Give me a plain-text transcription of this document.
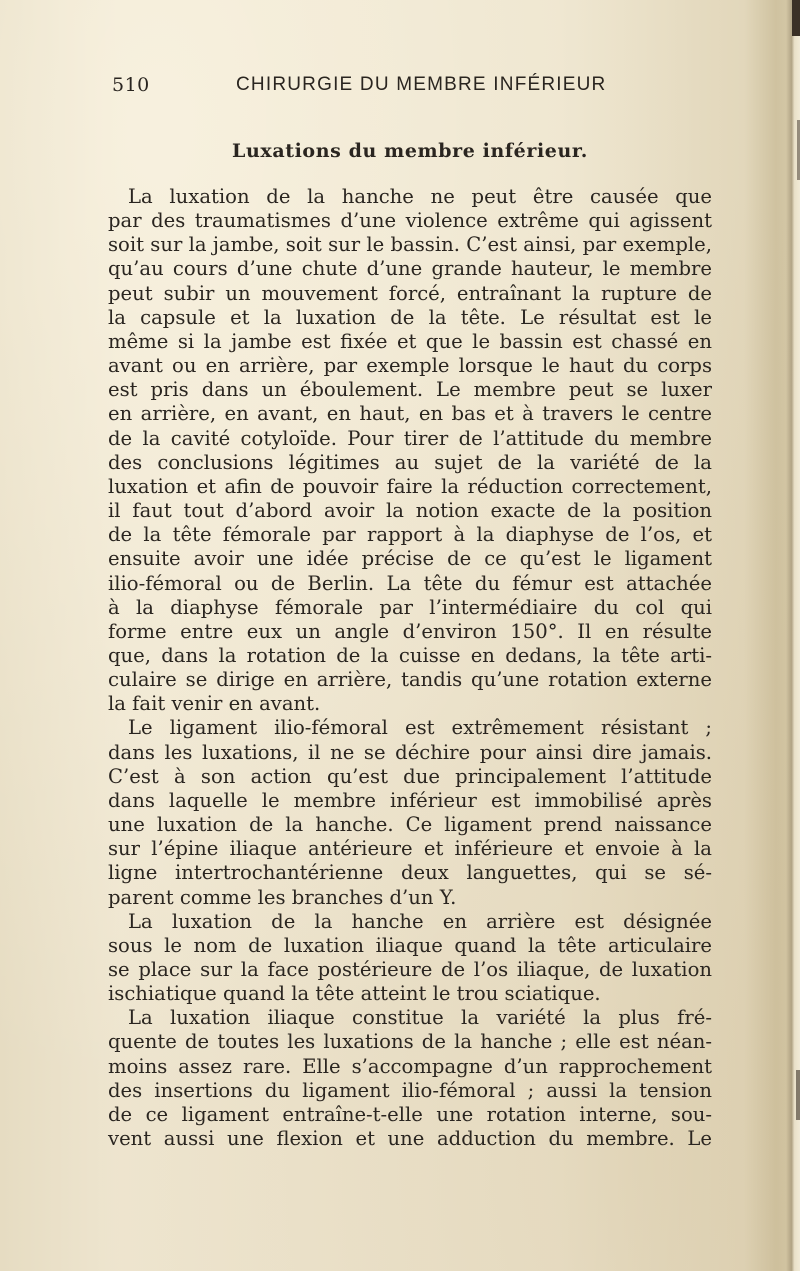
510	CHIRURGIE DU MEMBRE INFÉRIEUR
Luxations du membre inférieur.
La luxation de la hanche ne peut être causée que
par des traumatismes d’une violence extrême qui agissent
soit sur la jambe, soit sur le bassin. C’est ainsi, par exemple,
qu’au cours d’une chute d’une grande hauteur, le membre
peut subir un mouvement forcé, entraînant la rupture de
la capsule et la luxation de la tête. Le résultat est le
même si la jambe est fixée et que le bassin est chassé en
avant ou en arrière, par exemple lorsque le haut du corps
est pris dans un éboulement. Le membre peut se luxer
en arrière, en avant, en haut, en bas et à travers le centre
de la cavité cotyloïde. Pour tirer de l’attitude du membre
des conclusions légitimes au sujet de la variété de la
luxation et afin de pouvoir faire la réduction correctement,
il faut tout d’abord avoir la notion exacte de la position
de la tête fémorale par rapport à la diaphyse de l’os, et
ensuite avoir une idée précise de ce qu’est le ligament
ilio-fémoral ou de Berlin. La tête du fémur est attachée
à la diaphyse fémorale par l’intermédiaire du col qui
forme entre eux un angle d’environ 150°. Il en résulte
que, dans la rotation de la cuisse en dedans, la tête arti-
culaire se dirige en arrière, tandis qu’une rotation externe
la fait venir en avant.
Le ligament ilio-fémoral est extrêmement résistant ;
dans les luxations, il ne se déchire pour ainsi dire jamais.
C’est à son action qu’est due principalement l’attitude
dans laquelle le membre inférieur est immobilisé après
une luxation de la hanche. Ce ligament prend naissance
sur l’épine iliaque antérieure et inférieure et envoie à la
ligne intertrochantérienne deux languettes, qui se sé-
parent comme les branches d’un Y.
La luxation de la hanche en arrière est désignée
sous le nom de luxation iliaque quand la tête articulaire
se place sur la face postérieure de l’os iliaque, de luxation
ischiatique quand la tête atteint le trou sciatique.
La luxation iliaque constitue la variété la plus fré-
quente de toutes les luxations de la hanche ; elle est néan-
moins assez rare. Elle s’accompagne d’un rapprochement
des insertions du ligament ilio-fémoral ; aussi la tension
de ce ligament entraîne-t-elle une rotation interne, sou-
vent aussi une flexion et une adduction du membre. Le
